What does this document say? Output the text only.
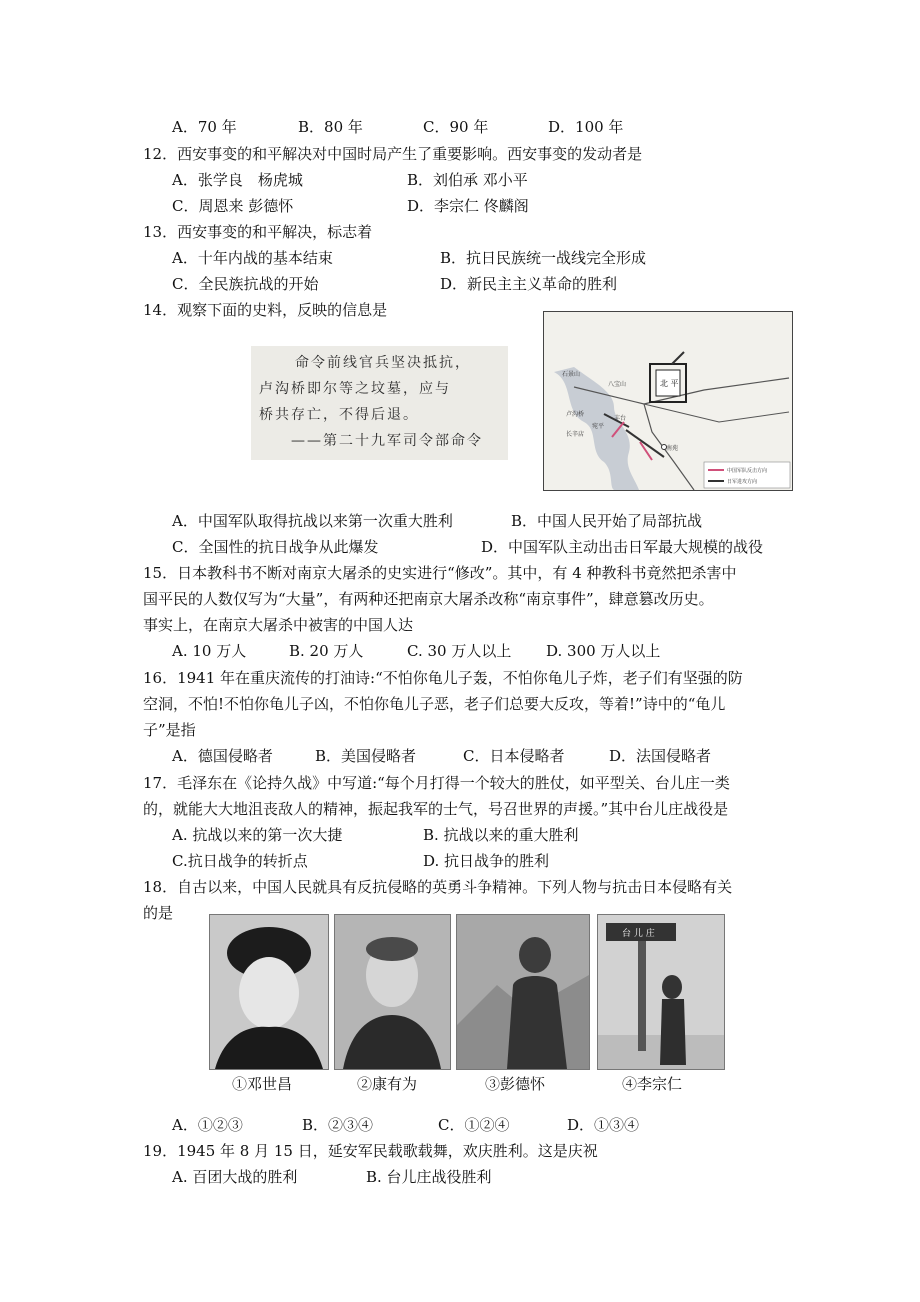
A．70 年	B．80 年	C．90 年	D．100 年
12．西安事变的和平解决对中国时局产生了重要影响。西安事变的发动者是
A．张学良　杨虎城	B．刘伯承 邓小平
C．周恩来 彭德怀	D．李宗仁 佟麟阁
13．西安事变的和平解决，标志着
A．十年内战的基本结束	B．抗日民族统一战线完全形成
C．全民族抗战的开始	D．新民主主义革命的胜利
14．观察下面的史料，反映的信息是
命令前线官兵坚决抵抗，
卢沟桥即尔等之坟墓，应与
桥共存亡，不得后退。
——第二十九军司令部命令
北 平
石景山
八宝山
卢沟桥
丰台
长辛店
宛平
南苑
中国军队反击方向
日军进攻方向
A．中国军队取得抗战以来第一次重大胜利	B．中国人民开始了局部抗战
C．全国性的抗日战争从此爆发	D．中国军队主动出击日军最大规模的战役
15．日本教科书不断对南京大屠杀的史实进行“修改”。其中，有 4 种教科书竟然把杀害中
国平民的人数仅写为“大量”，有两种还把南京大屠杀改称“南京事件”，肆意篡改历史。
事实上，在南京大屠杀中被害的中国人达
A. 10 万人	B. 20 万人	C. 30 万人以上 D. 300 万人以上
16．1941 年在重庆流传的打油诗:“不怕你龟儿子轰，不怕你龟儿子炸，老子们有坚强的防
空洞，不怕!不怕你龟儿子凶，不怕你龟儿子恶，老子们总要大反攻，等着!”诗中的“龟儿
子”是指
A．德国侵略者	B．美国侵略者	C．日本侵略者	D．法国侵略者
17．毛泽东在《论持久战》中写道:“每个月打得一个较大的胜仗，如平型关、台儿庄一类
的，就能大大地沮丧敌人的精神，振起我军的士气，号召世界的声援。”其中台儿庄战役是
A. 抗战以来的第一次大捷	B. 抗战以来的重大胜利
C.抗日战争的转折点	D. 抗日战争的胜利
18．自古以来，中国人民就具有反抗侵略的英勇斗争精神。下列人物与抗击日本侵略有关
的是
台 儿 庄
①邓世昌	②康有为	③彭德怀	④李宗仁
A．①②③	B．②③④	C．①②④	D．①③④
19．1945 年 8 月 15 日，延安军民载歌载舞，欢庆胜利。这是庆祝
A. 百团大战的胜利	B. 台儿庄战役胜利
